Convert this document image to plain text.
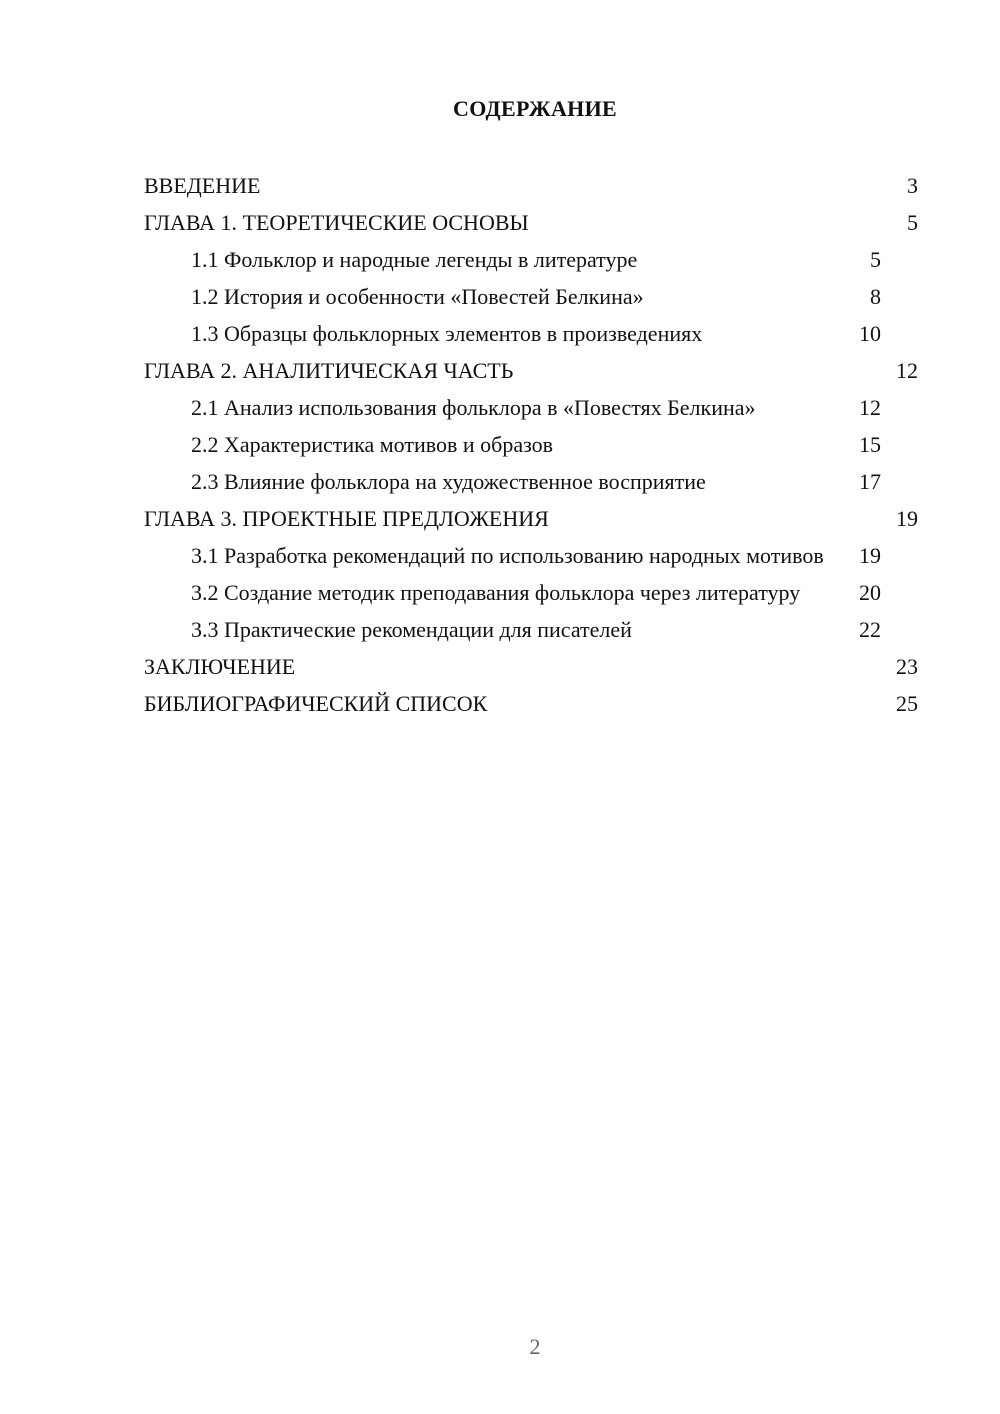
СОДЕРЖАНИЕ
ВВЕДЕНИЕ	3
ГЛАВА 1. ТЕОРЕТИЧЕСКИЕ ОСНОВЫ	5
1.1 Фольклор и народные легенды в литературе	5
1.2 История и особенности «Повестей Белкина»	8
1.3 Образцы фольклорных элементов в произведениях	10
ГЛАВА 2. АНАЛИТИЧЕСКАЯ ЧАСТЬ	12
2.1 Анализ использования фольклора в «Повестях Белкина»	12
2.2 Характеристика мотивов и образов	15
2.3 Влияние фольклора на художественное восприятие	17
ГЛАВА 3. ПРОЕКТНЫЕ ПРЕДЛОЖЕНИЯ	19
3.1 Разработка рекомендаций по использованию народных мотивов	19
3.2 Создание методик преподавания фольклора через литературу	20
3.3 Практические рекомендации для писателей	22
ЗАКЛЮЧЕНИЕ	23
БИБЛИОГРАФИЧЕСКИЙ СПИСОК	25
2
